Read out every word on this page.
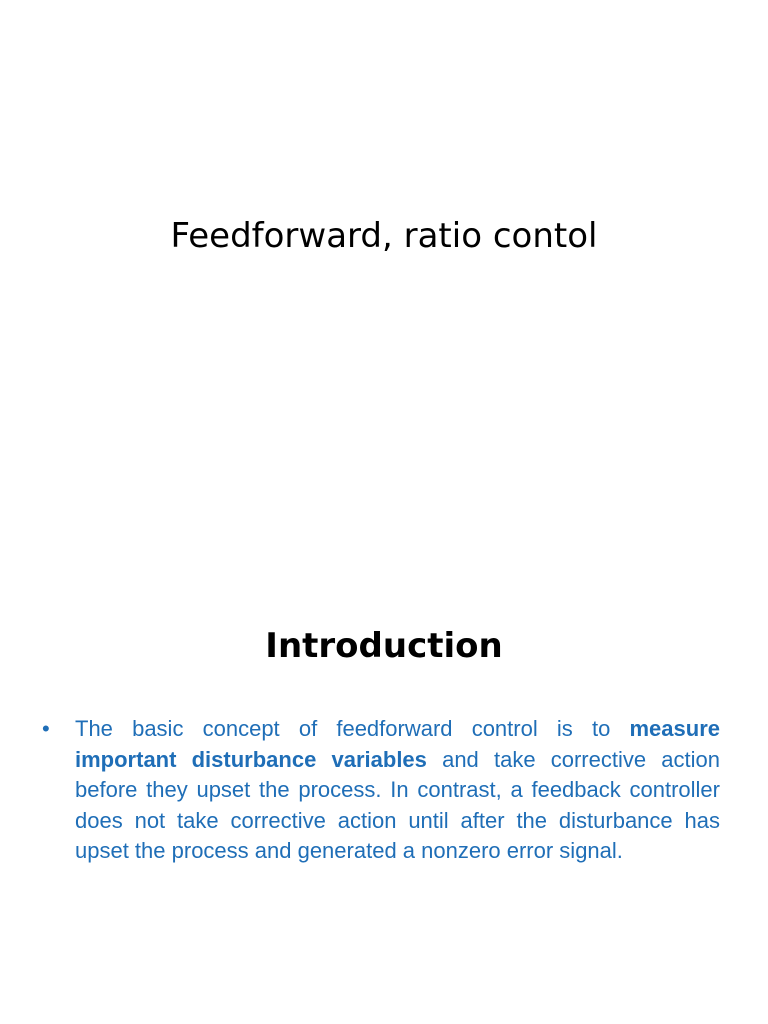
Feedforward, ratio contol
Introduction
•	The basic concept of feedforward control is to measure important disturbance variables and take corrective action before they upset the process. In contrast, a feedback controller does not take corrective action until after the disturbance has upset the process and generated a nonzero error signal.
